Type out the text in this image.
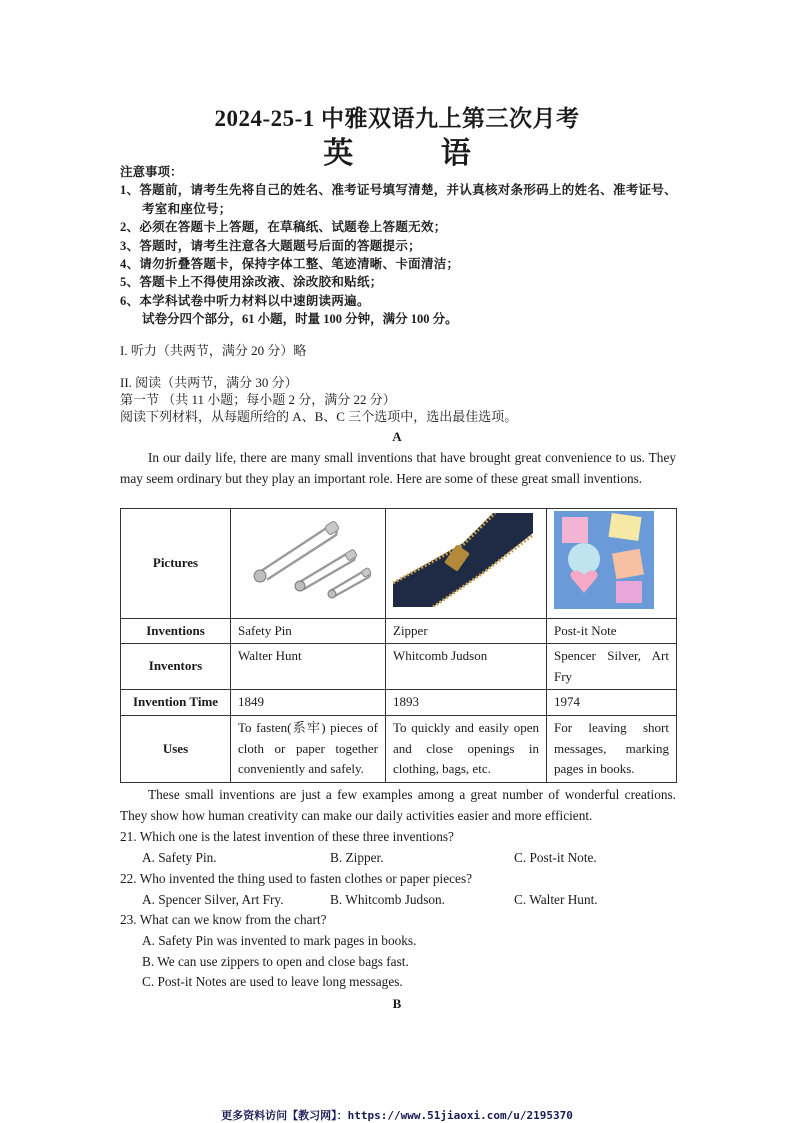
2024-25-1 中雅双语九上第三次月考
英 语
注意事项：
1、答题前，请考生先将自己的姓名、准考证号填写清楚，并认真核对条形码上的姓名、准考证号、考室和座位号；
2、必须在答题卡上答题，在草稿纸、试题卷上答题无效；
3、答题时，请考生注意各大题题号后面的答题提示；
4、请勿折叠答题卡，保持字体工整、笔迹清晰、卡面清洁；
5、答题卡上不得使用涂改液、涂改胶和贴纸；
6、本学科试卷中听力材料以中速朗读两遍。
试卷分四个部分，61 小题，时量 100 分钟，满分 100 分。
I. 听力（共两节，满分 20 分）略
II. 阅读（共两节，满分 30 分）
第一节 （共 11 小题；每小题 2 分，满分 22 分）
阅读下列材料，从每题所给的 A、B、C 三个选项中，选出最佳选项。
A
In our daily life, there are many small inventions that have brought great convenience to us. They may seem ordinary but they play an important role. Here are some of these great small inventions.
Pictures			
Inventions	Safety Pin	Zipper	Post-it Note
Inventors	Walter Hunt	Whitcomb Judson	Spencer Silver, Art Fry
Invention Time	1849	1893	1974
Uses	To fasten(系牢) pieces of cloth or paper together conveniently and safely.	To quickly and easily open and close openings in clothing, bags, etc.	For leaving short messages, marking pages in books.
These small inventions are just a few examples among a great number of wonderful creations. They show how human creativity can make our daily activities easier and more efficient.
21. Which one is the latest invention of these three inventions?
A. Safety Pin.	B. Zipper.	C. Post-it Note.
22. Who invented the thing used to fasten clothes or paper pieces?
A. Spencer Silver, Art Fry.	B. Whitcomb Judson.	C. Walter Hunt.
23. What can we know from the chart?
A. Safety Pin was invented to mark pages in books.
B. We can use zippers to open and close bags fast.
C. Post-it Notes are used to leave long messages.
B
更多资料访问【教习网】：https://www.51jiaoxi.com/u/2195370
